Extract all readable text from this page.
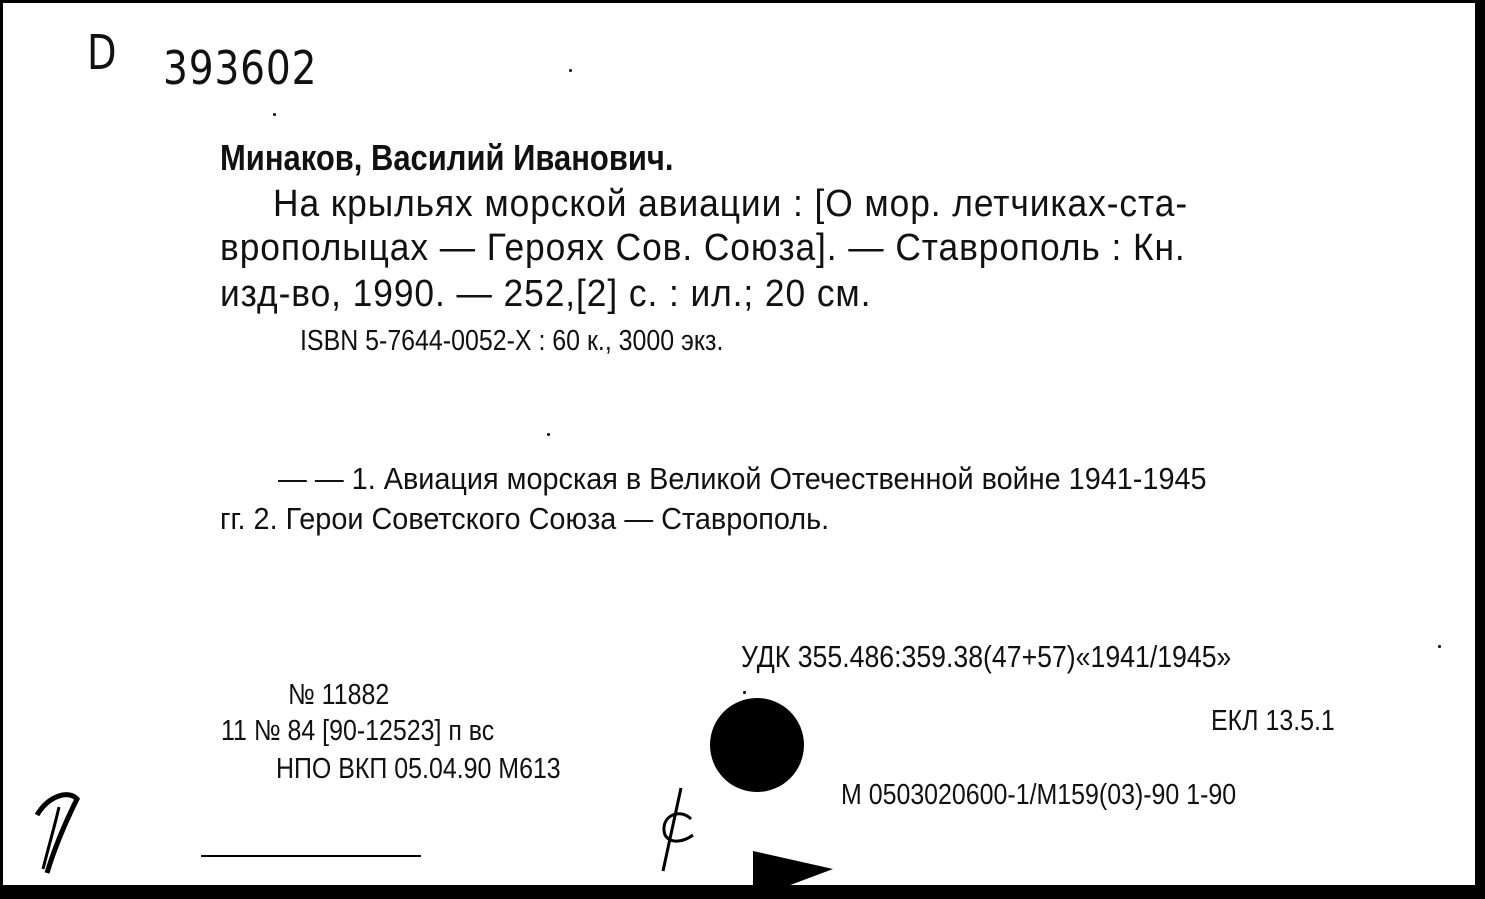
D 393602
Минаков, Василий Иванович.
На крыльях морской авиации : [О мор. летчиках-ста-
врополыцах — Героях Сов. Союза]. — Ставрополь : Кн.
изд-во, 1990. — 252,[2] с. : ил.; 20 см.
ISBN 5-7644-0052-X : 60 к., 3000 экз.
— — 1. Авиация морская в Великой Отечественной войне 1941-1945
гг. 2. Герои Советского Союза — Ставрополь.
УДК 355.486:359.38(47+57)«1941/1945»
№ 11882
11 № 84 [90-12523] п вс
НПО ВКП 05.04.90 М613
ЕКЛ 13.5.1
М 0503020600-1/М159(03)-90 1-90
